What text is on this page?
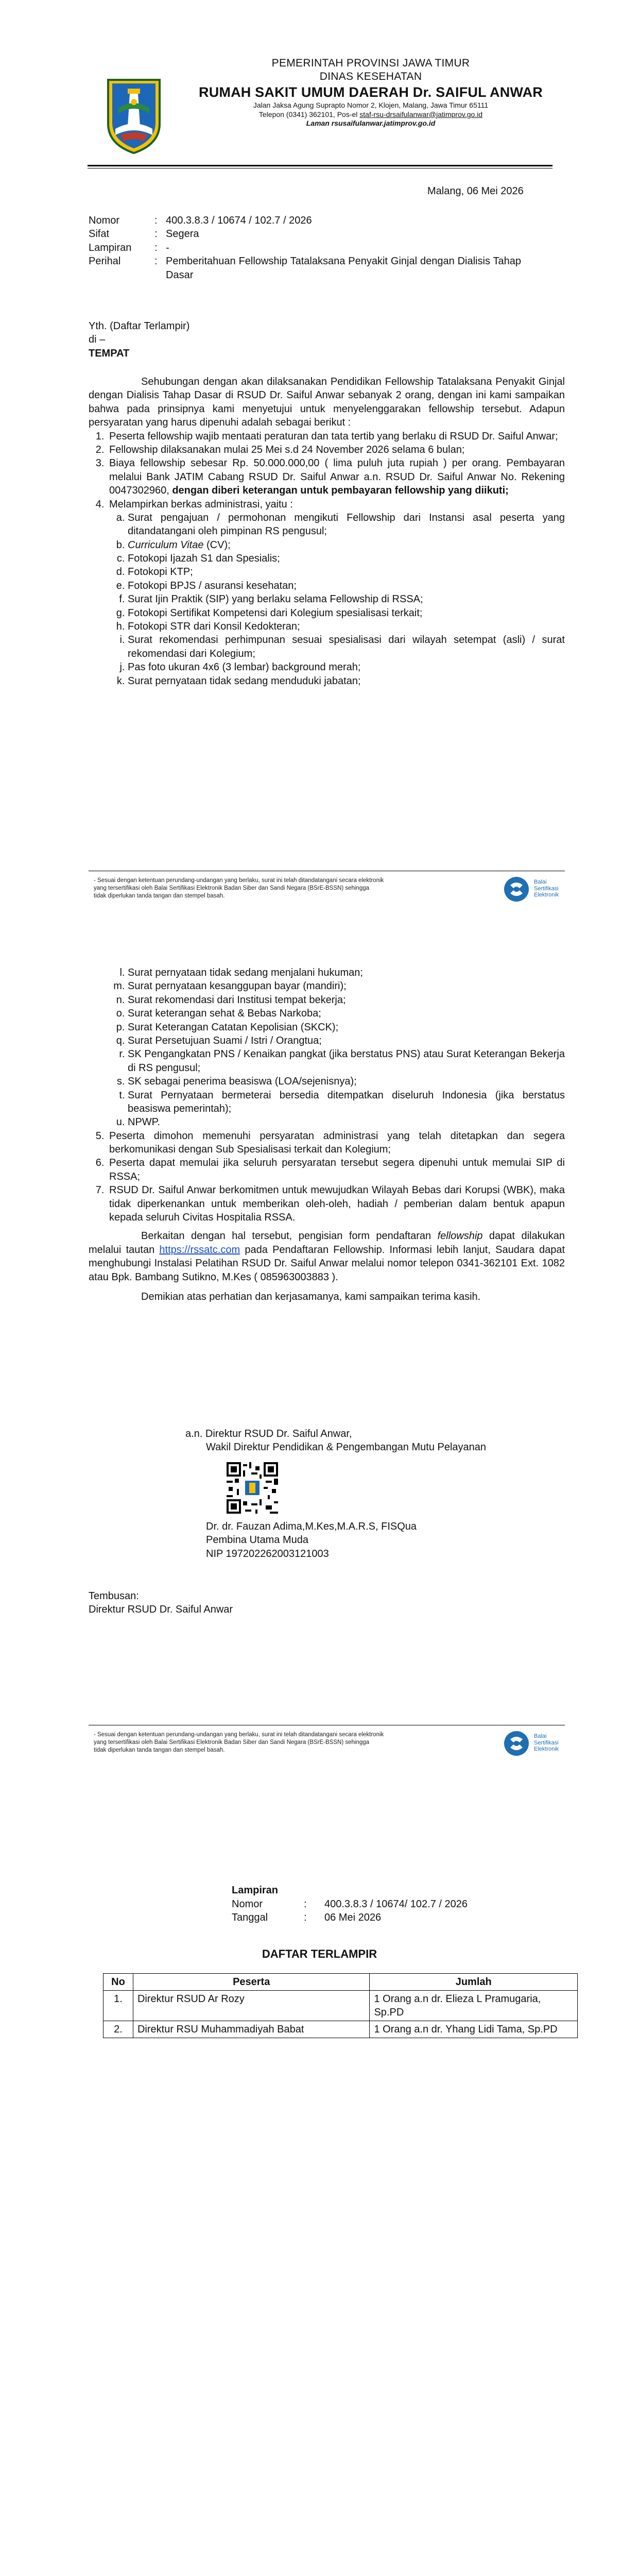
PEMERINTAH PROVINSI JAWA TIMUR
DINAS KESEHATAN
RUMAH SAKIT UMUM DAERAH Dr. SAIFUL ANWAR
Jalan Jaksa Agung Suprapto Nomor 2, Klojen, Malang, Jawa Timur 65111
Telepon (0341) 362101, Pos-el staf-rsu-drsaifulanwar@jatimprov.go.id
Laman rsusaifulanwar.jatimprov.go.id
Malang, 06 Mei 2026
Nomor	:	400.3.8.3 / 10674 / 102.7 / 2026
Sifat	:	Segera
Lampiran	:	-
Perihal	:	Pemberitahuan Fellowship Tatalaksana Penyakit Ginjal dengan Dialisis Tahap Dasar
Yth. (Daftar Terlampir)
di –
TEMPAT
Sehubungan dengan akan dilaksanakan Pendidikan Fellowship Tatalaksana Penyakit Ginjal dengan Dialisis Tahap Dasar di RSUD Dr. Saiful Anwar sebanyak 2 orang, dengan ini kami sampaikan bahwa pada prinsipnya kami menyetujui untuk menyelenggarakan fellowship tersebut. Adapun persyaratan yang harus dipenuhi adalah sebagai berikut :
1. Peserta fellowship wajib mentaati peraturan dan tata tertib yang berlaku di RSUD Dr. Saiful Anwar;
2. Fellowship dilaksanakan mulai 25 Mei s.d 24 November 2026 selama 6 bulan;
3. Biaya fellowship sebesar Rp. 50.000.000,00 ( lima puluh juta rupiah ) per orang. Pembayaran melalui Bank JATIM Cabang RSUD Dr. Saiful Anwar a.n. RSUD Dr. Saiful Anwar No. Rekening 0047302960, dengan diberi keterangan untuk pembayaran fellowship yang diikuti;
4. Melampirkan berkas administrasi, yaitu :
a. Surat pengajuan / permohonan mengikuti Fellowship dari Instansi asal peserta yang ditandatangani oleh pimpinan RS pengusul;
b. Curriculum Vitae (CV);
c. Fotokopi Ijazah S1 dan Spesialis;
d. Fotokopi KTP;
e. Fotokopi BPJS / asuransi kesehatan;
f. Surat Ijin Praktik (SIP) yang berlaku selama Fellowship di RSSA;
g. Fotokopi Sertifikat Kompetensi dari Kolegium spesialisasi terkait;
h. Fotokopi STR dari Konsil Kedokteran;
i. Surat rekomendasi perhimpunan sesuai spesialisasi dari wilayah setempat (asli) / surat rekomendasi dari Kolegium;
j. Pas foto ukuran 4x6 (3 lembar) background merah;
k. Surat pernyataan tidak sedang menduduki jabatan;
- Sesuai dengan ketentuan perundang-undangan yang berlaku, surat ini telah ditandatangani secara elektronik
yang tersertifikasi oleh Balai Sertifikasi Elektronik Badan Siber dan Sandi Negara (BSrE-BSSN) sehingga
tidak diperlukan tanda tangan dan stempel basah.
Balai
Sertifikasi
Elektronik
l. Surat pernyataan tidak sedang menjalani hukuman;
m. Surat pernyataan kesanggupan bayar (mandiri);
n. Surat rekomendasi dari Institusi tempat bekerja;
o. Surat keterangan sehat & Bebas Narkoba;
p. Surat Keterangan Catatan Kepolisian (SKCK);
q. Surat Persetujuan Suami / Istri / Orangtua;
r. SK Pengangkatan PNS / Kenaikan pangkat (jika berstatus PNS) atau Surat Keterangan Bekerja di RS pengusul;
s. SK sebagai penerima beasiswa (LOA/sejenisnya);
t. Surat Pernyataan bermeterai bersedia ditempatkan diseluruh Indonesia (jika berstatus beasiswa pemerintah);
u. NPWP.
5. Peserta dimohon memenuhi persyaratan administrasi yang telah ditetapkan dan segera berkomunikasi dengan Sub Spesialisasi terkait dan Kolegium;
6. Peserta dapat memulai jika seluruh persyaratan tersebut segera dipenuhi untuk memulai SIP di RSSA;
7. RSUD Dr. Saiful Anwar berkomitmen untuk mewujudkan Wilayah Bebas dari Korupsi (WBK), maka tidak diperkenankan untuk memberikan oleh-oleh, hadiah / pemberian dalam bentuk apapun kepada seluruh Civitas Hospitalia RSSA.
Berkaitan dengan hal tersebut, pengisian form pendaftaran fellowship dapat dilakukan melalui tautan https://rssatc.com pada Pendaftaran Fellowship. Informasi lebih lanjut, Saudara dapat menghubungi Instalasi Pelatihan RSUD Dr. Saiful Anwar melalui nomor telepon 0341-362101 Ext. 1082 atau Bpk. Bambang Sutikno, M.Kes ( 085963003883 ).
Demikian atas perhatian dan kerjasamanya, kami sampaikan terima kasih.
a.n. Direktur RSUD Dr. Saiful Anwar,
Wakil Direktur Pendidikan & Pengembangan Mutu Pelayanan
Dr. dr. Fauzan Adima,M.Kes,M.A.R.S, FISQua
Pembina Utama Muda
NIP 197202262003121003
Tembusan:
Direktur RSUD Dr. Saiful Anwar
- Sesuai dengan ketentuan perundang-undangan yang berlaku, surat ini telah ditandatangani secara elektronik
yang tersertifikasi oleh Balai Sertifikasi Elektronik Badan Siber dan Sandi Negara (BSrE-BSSN) sehingga
tidak diperlukan tanda tangan dan stempel basah.
Balai
Sertifikasi
Elektronik
Lampiran
Nomor	:	400.3.8.3 / 10674/ 102.7 / 2026
Tanggal	:	06 Mei 2026
DAFTAR TERLAMPIR
No	Peserta	Jumlah
1.	Direktur RSUD Ar Rozy	1 Orang a.n dr. Elieza L Pramugaria, Sp.PD
2.	Direktur RSU Muhammadiyah Babat	1 Orang a.n dr. Yhang Lidi Tama, Sp.PD
